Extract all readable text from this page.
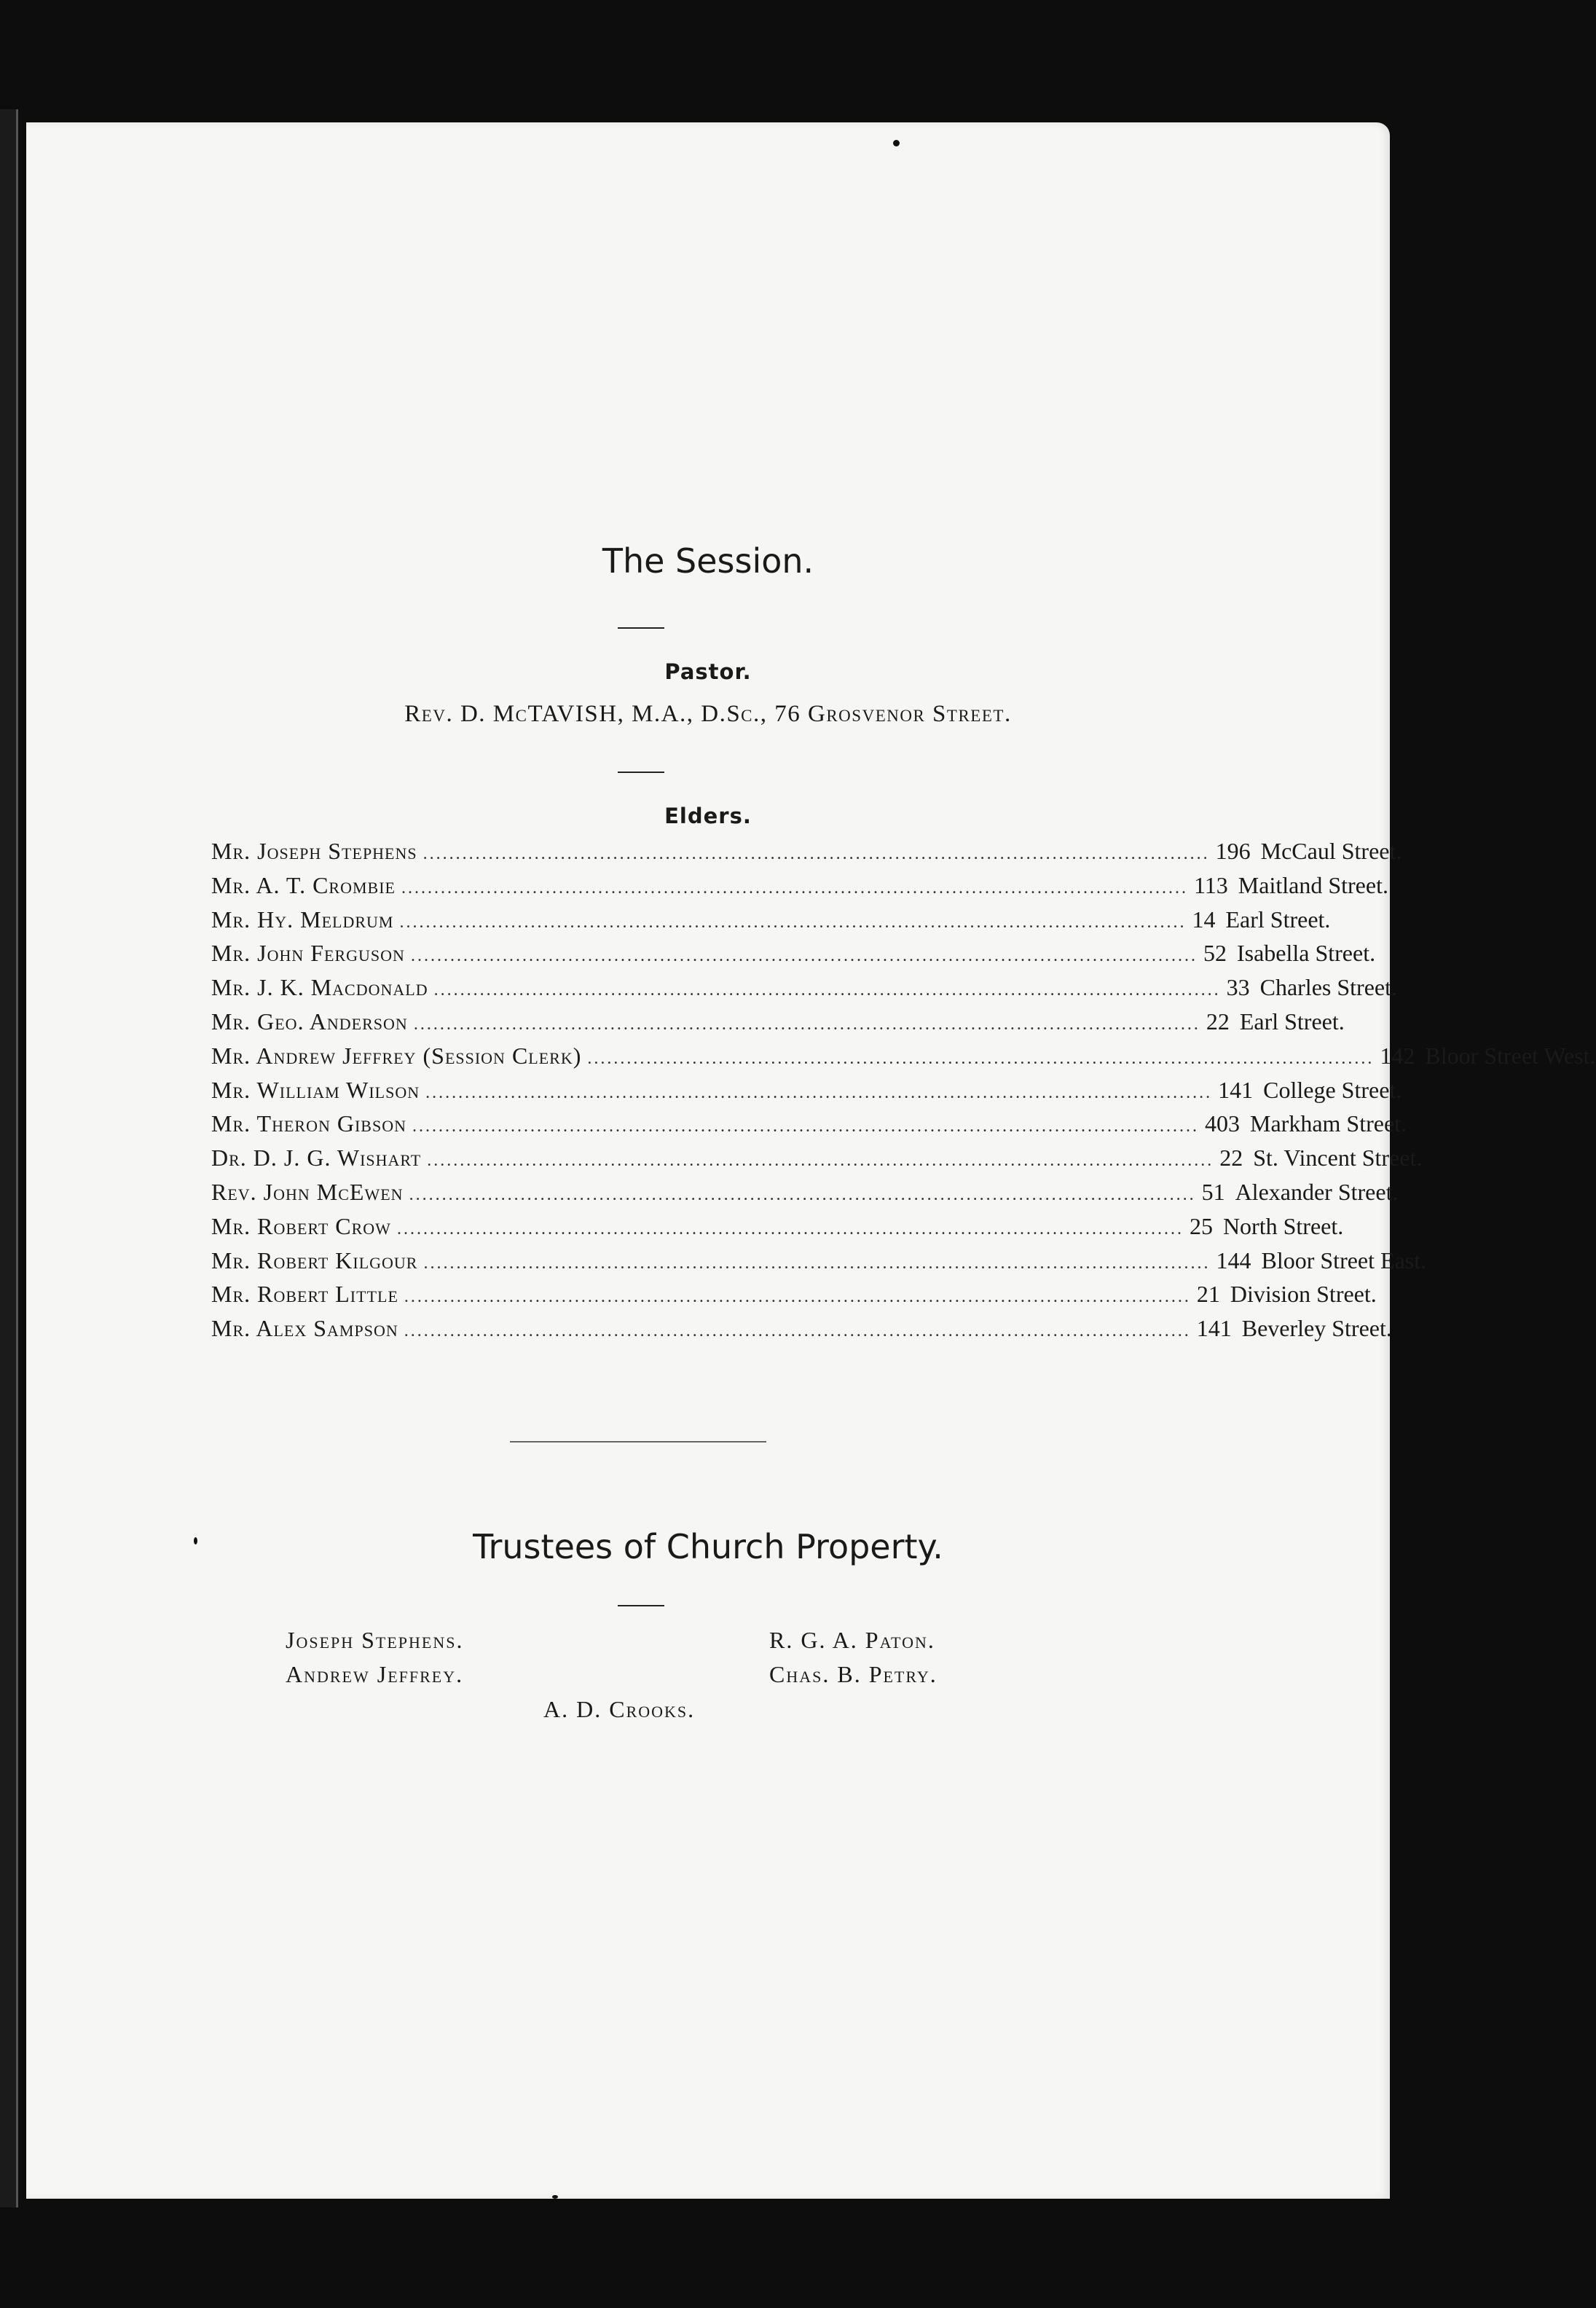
The Session.
Pastor.
Rev. D. McTAVISH, M.A., D.Sc., 76 Grosvenor Street.
Elders.
Trustees of Church Property.
Joseph Stephens.	R. G. A. Paton.
Andrew Jeffrey.	Chas. B. Petry.
A. D. Crooks.
Mr. Joseph Stephens ........................................................................................................................ 196 McCaul Street.
Mr. A. T. Crombie ........................................................................................................................ 113 Maitland Street.
Mr. Hy. Meldrum ........................................................................................................................ 14 Earl Street.
Mr. John Ferguson ........................................................................................................................ 52 Isabella Street.
Mr. J. K. Macdonald ........................................................................................................................ 33 Charles Street.
Mr. Geo. Anderson ........................................................................................................................ 22 Earl Street.
Mr. Andrew Jeffrey (Session Clerk) ........................................................................................................................ 142 Bloor Street West.
Mr. William Wilson ........................................................................................................................ 141 College Street.
Mr. Theron Gibson ........................................................................................................................ 403 Markham Street.
Dr. D. J. G. Wishart ........................................................................................................................ 22 St. Vincent Street.
Rev. John McEwen ........................................................................................................................ 51 Alexander Street.
Mr. Robert Crow ........................................................................................................................ 25 North Street.
Mr. Robert Kilgour ........................................................................................................................ 144 Bloor Street East.
Mr. Robert Little ........................................................................................................................ 21 Division Street.
Mr. Alex Sampson ........................................................................................................................ 141 Beverley Street.
